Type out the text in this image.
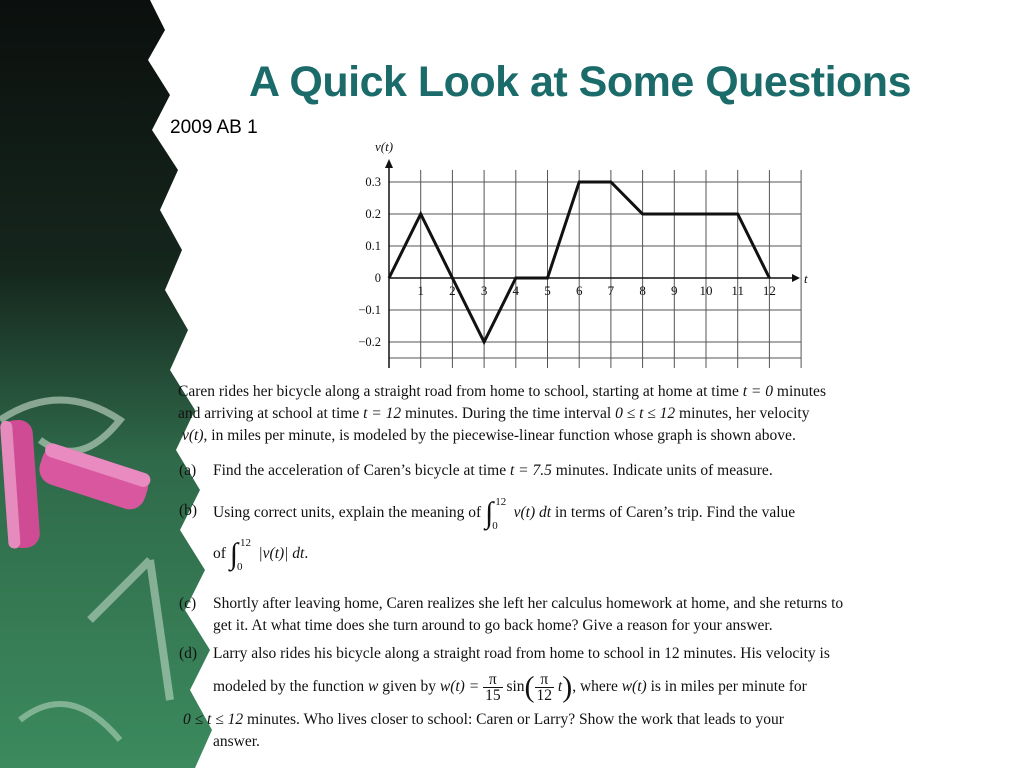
A Quick Look at Some Questions
2009 AB 1
1 2 3 4 5 6 7 8 9 10 11 12
0.3
0.2
0.1
0
−0.1
−0.2
v(t)
t
Caren rides her bicycle along a straight road from home to school, starting at home at time t = 0 minutes
and arriving at school at time t = 12 minutes. During the time interval 0 ≤ t ≤ 12 minutes, her velocity
v(t), in miles per minute, is modeled by the piecewise-linear function whose graph is shown above.
(a)	Find the acceleration of Caren’s bicycle at time t = 7.5 minutes. Indicate units of measure.
(b)	Using correct units, explain the meaning of ∫ $^{12}_0$ v(t) dt in terms of Caren’s trip. Find the value
of ∫ $^{12}_0$ |v(t)| dt.
(c) Shortly after leaving home, Caren realizes she left her calculus homework at home, and she returns to
get it. At what time does she turn around to go back home? Give a reason for your answer.
(d) Larry also rides his bicycle along a straight road from home to school in 12 minutes. His velocity is
modeled by the function w given by $w(t) = \frac{\pi}{15} \sin( \frac{\pi}{12} t)$, where w(t) is in miles per minute for
0 ≤ t ≤ 12 minutes. Who lives closer to school: Caren or Larry? Show the work that leads to your
answer.
